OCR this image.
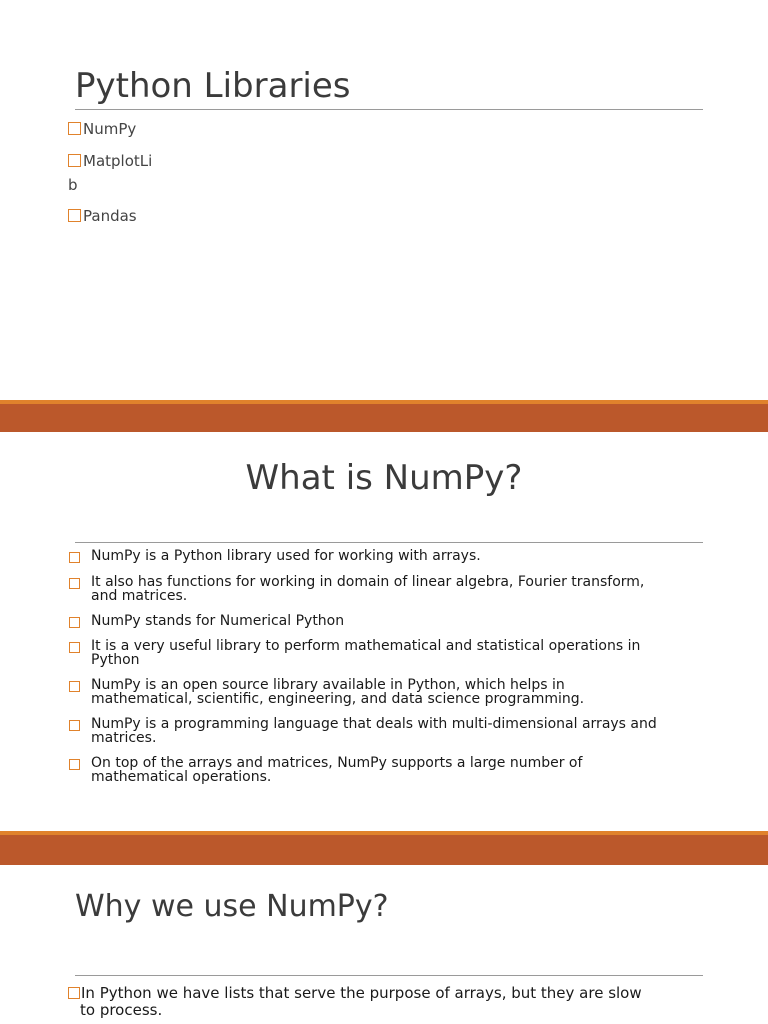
Python Libraries
NumPy
MatplotLi
b
Pandas
What is NumPy?
NumPy is a Python library used for working with arrays.
It also has functions for working in domain of linear algebra, Fourier transform,
and matrices.
NumPy stands for Numerical Python
It is a very useful library to perform mathematical and statistical operations in
Python
NumPy is an open source library available in Python, which helps in
mathematical, scientific, engineering, and data science programming.
NumPy is a programming language that deals with multi-dimensional arrays and
matrices.
On top of the arrays and matrices, NumPy supports a large number of
mathematical operations.
Why we use NumPy?
In Python we have lists that serve the purpose of arrays, but they are slow
to process.
